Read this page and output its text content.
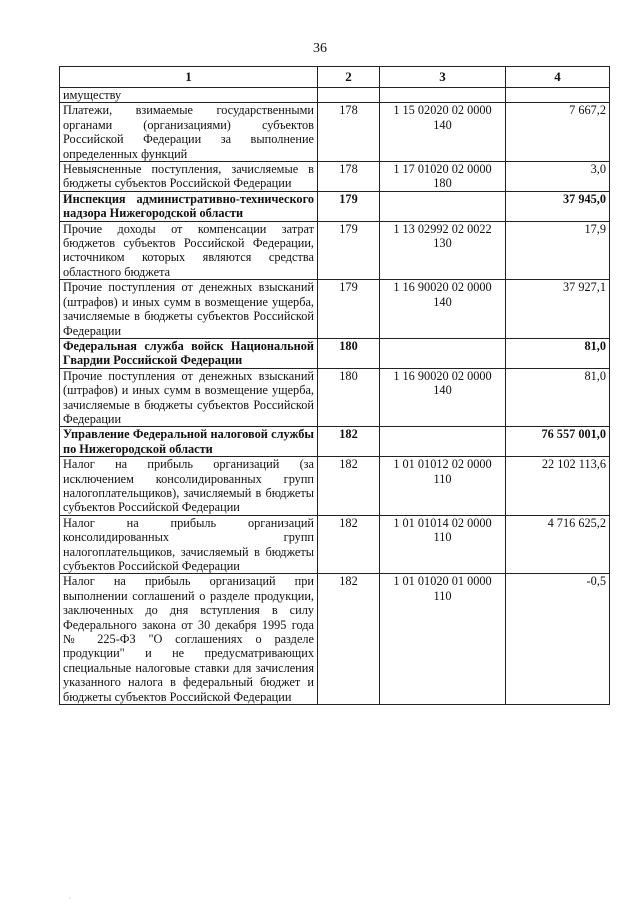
36
1	2	3	4
имуществу			
Платежи, взимаемые государственными органами (организациями) субъектов Российской Федерации за выполнение определенных функций	178	1 15 02020 02 0000 140	7 667,2
Невыясненные поступления, зачисляемые в бюджеты субъектов Российской Федерации	178	1 17 01020 02 0000 180	3,0
Инспекция административно-технического надзора Нижегородской области	179		37 945,0
Прочие доходы от компенсации затрат бюджетов субъектов Российской Федерации, источником которых являются средства областного бюджета	179	1 13 02992 02 0022 130	17,9
Прочие поступления от денежных взысканий (штрафов) и иных сумм в возмещение ущерба, зачисляемые в бюджеты субъектов Российской Федерации	179	1 16 90020 02 0000 140	37 927,1
Федеральная служба войск Национальной Гвардии Российской Федерации	180		81,0
Прочие поступления от денежных взысканий (штрафов) и иных сумм в возмещение ущерба, зачисляемые в бюджеты субъектов Российской Федерации	180	1 16 90020 02 0000 140	81,0
Управление Федеральной налоговой службы по Нижегородской области	182		76 557 001,0
Налог на прибыль организаций (за исключением консолидированных групп налогоплательщиков), зачисляемый в бюджеты субъектов Российской Федерации	182	1 01 01012 02 0000 110	22 102 113,6
Налог на прибыль организаций консолидированных групп налогоплательщиков, зачисляемый в бюджеты субъектов Российской Федерации	182	1 01 01014 02 0000 110	4 716 625,2
Налог на прибыль организаций при выполнении соглашений о разделе продукции, заключенных до дня вступления в силу Федерального закона от 30 декабря 1995 года № 225-ФЗ "О соглашениях о разделе продукции" и не предусматривающих специальные налоговые ставки для зачисления указанного налога в федеральный бюджет и бюджеты субъектов Российской Федерации	182	1 01 01020 01 0000 110	-0,5
·
